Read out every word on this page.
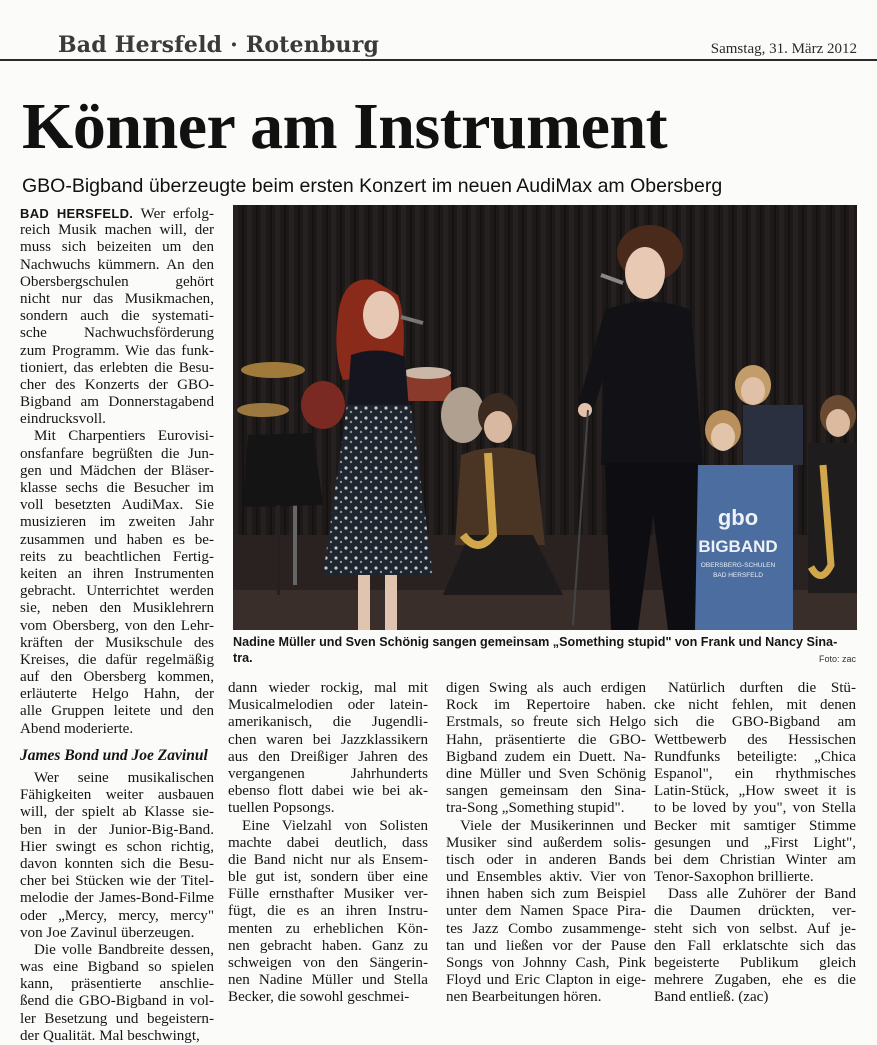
Bad Hersfeld · Rotenburg	Samstag, 31. März 2012
Könner am Instrument
GBO-Bigband überzeugte beim ersten Konzert im neuen AudiMax am Obersberg
BAD HERSFELD. Wer erfolg-
reich Musik machen will, der
muss sich beizeiten um den
Nachwuchs kümmern. An den
Obersbergschulen gehört
nicht nur das Musikmachen,
sondern auch die systemati-
sche Nachwuchsförderung
zum Programm. Wie das funk-
tioniert, das erlebten die Besu-
cher des Konzerts der GBO-
Bigband am Donnerstagabend
eindrucksvoll.
Mit Charpentiers Eurovisi-
onsfanfare begrüßten die Jun-
gen und Mädchen der Bläser-
klasse sechs die Besucher im
voll besetzten AudiMax. Sie
musizieren im zweiten Jahr
zusammen und haben es be-
reits zu beachtlichen Fertig-
keiten an ihren Instrumenten
gebracht. Unterrichtet werden
sie, neben den Musiklehrern
vom Obersberg, von den Lehr-
kräften der Musikschule des
Kreises, die dafür regelmäßig
auf den Obersberg kommen,
erläuterte Helgo Hahn, der
alle Gruppen leitete und den
Abend moderierte.
James Bond und Joe Zavinul
Wer seine musikalischen
Fähigkeiten weiter ausbauen
will, der spielt ab Klasse sie-
ben in der Junior-Big-Band.
Hier swingt es schon richtig,
davon konnten sich die Besu-
cher bei Stücken wie der Titel-
melodie der James-Bond-Filme
oder „Mercy, mercy, mercy"
von Joe Zavinul überzeugen.
Die volle Bandbreite dessen,
was eine Bigband so spielen
kann, präsentierte anschlie-
ßend die GBO-Bigband in vol-
ler Besetzung und begeistern-
der Qualität. Mal beschwingt,
gbo
BIGBAND
OBERSBERG-SCHULEN
BAD HERSFELD
Nadine Müller und Sven Schönig sangen gemeinsam „Something stupid" von Frank und Nancy Sina-
tra.	Foto: zac
dann wieder rockig, mal mit
Musicalmelodien oder latein-
amerikanisch, die Jugendli-
chen waren bei Jazzklassikern
aus den Dreißiger Jahren des
vergangenen Jahrhunderts
ebenso flott dabei wie bei ak-
tuellen Popsongs.
Eine Vielzahl von Solisten
machte dabei deutlich, dass
die Band nicht nur als Ensem-
ble gut ist, sondern über eine
Fülle ernsthafter Musiker ver-
fügt, die es an ihren Instru-
menten zu erheblichen Kön-
nen gebracht haben. Ganz zu
schweigen von den Sängerin-
nen Nadine Müller und Stella
Becker, die sowohl geschmei-
digen Swing als auch erdigen
Rock im Repertoire haben.
Erstmals, so freute sich Helgo
Hahn, präsentierte die GBO-
Bigband zudem ein Duett. Na-
dine Müller und Sven Schönig
sangen gemeinsam den Sina-
tra-Song „Something stupid".
Viele der Musikerinnen und
Musiker sind außerdem solis-
tisch oder in anderen Bands
und Ensembles aktiv. Vier von
ihnen haben sich zum Beispiel
unter dem Namen Space Pira-
tes Jazz Combo zusammenge-
tan und ließen vor der Pause
Songs von Johnny Cash, Pink
Floyd und Eric Clapton in eige-
nen Bearbeitungen hören.
Natürlich durften die Stü-
cke nicht fehlen, mit denen
sich die GBO-Bigband am
Wettbewerb des Hessischen
Rundfunks beteiligte: „Chica
Espanol", ein rhythmisches
Latin-Stück, „How sweet it is
to be loved by you", von Stella
Becker mit samtiger Stimme
gesungen und „First Light",
bei dem Christian Winter am
Tenor-Saxophon brillierte.
Dass alle Zuhörer der Band
die Daumen drückten, ver-
steht sich von selbst. Auf je-
den Fall erklatschte sich das
begeisterte Publikum gleich
mehrere Zugaben, ehe es die
Band entließ. (zac)
